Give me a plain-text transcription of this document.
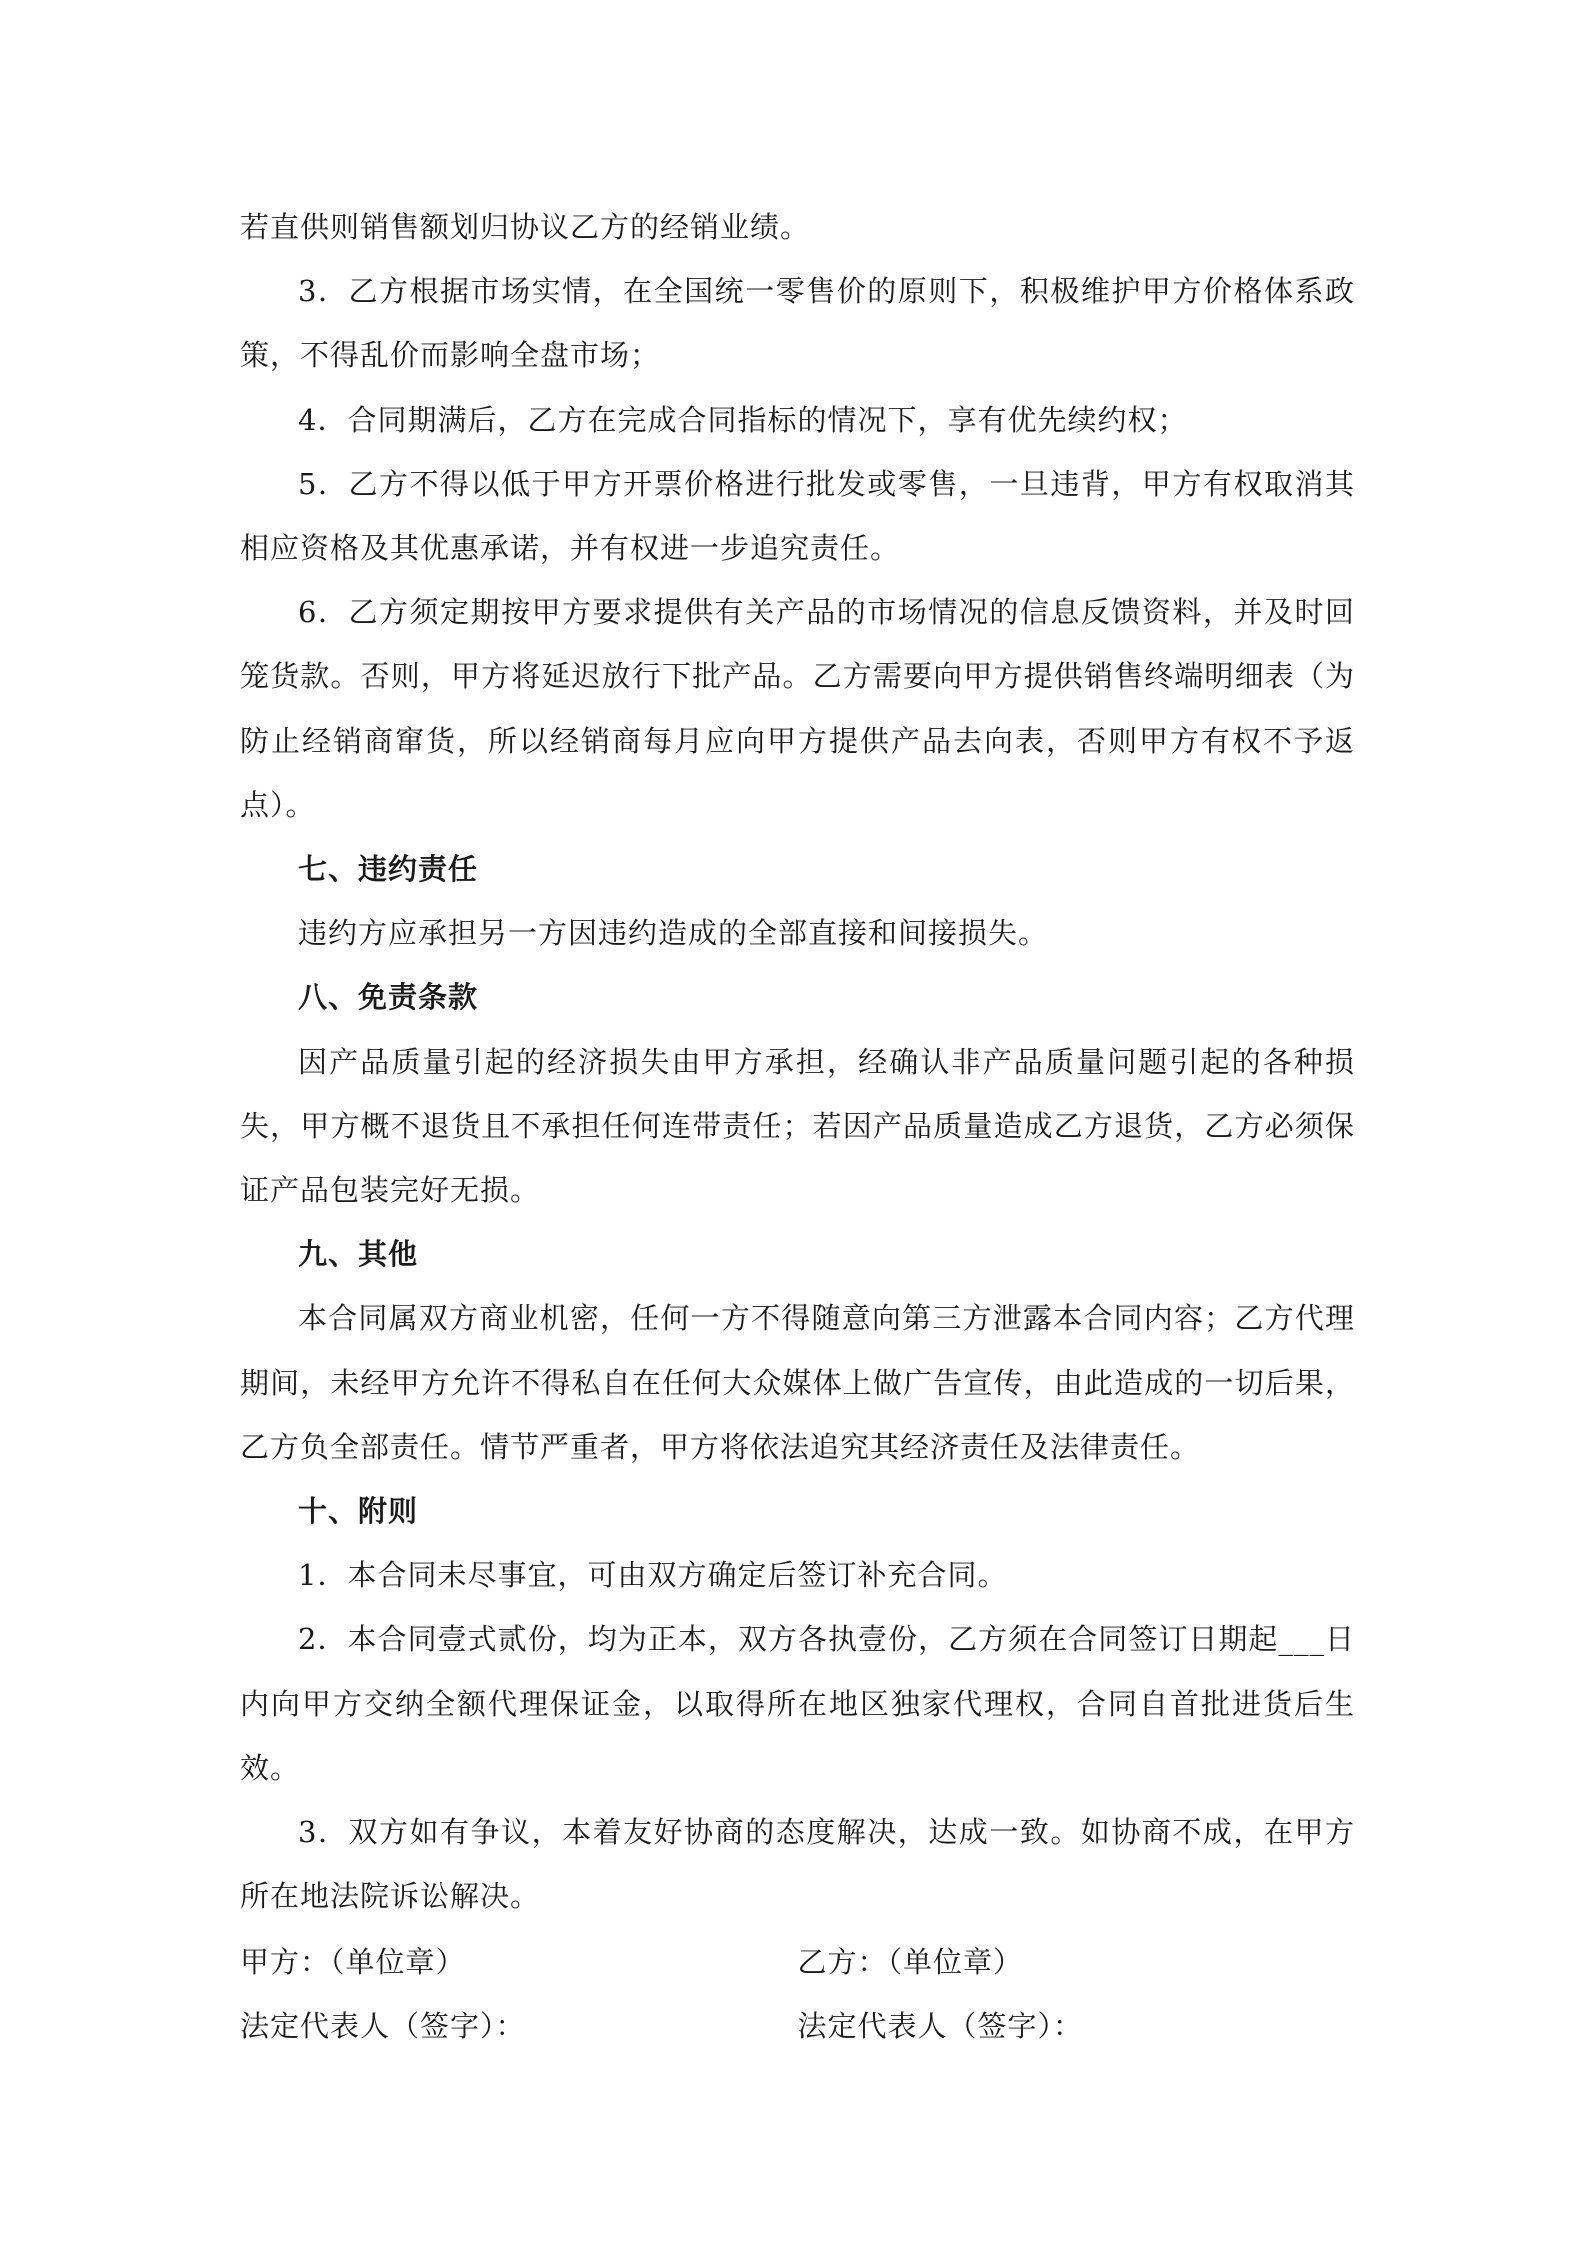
若直供则销售额划归协议乙方的经销业绩。

3．乙方根据市场实情，在全国统一零售价的原则下，积极维护甲方价格体系政策，不得乱价而影响全盘市场；

4．合同期满后，乙方在完成合同指标的情况下，享有优先续约权；

5．乙方不得以低于甲方开票价格进行批发或零售，一旦违背，甲方有权取消其相应资格及其优惠承诺，并有权进一步追究责任。

6．乙方须定期按甲方要求提供有关产品的市场情况的信息反馈资料，并及时回笼货款。否则，甲方将延迟放行下批产品。乙方需要向甲方提供销售终端明细表（为防止经销商窜货，所以经销商每月应向甲方提供产品去向表，否则甲方有权不予返点）。

七、违约责任

违约方应承担另一方因违约造成的全部直接和间接损失。

八、免责条款

因产品质量引起的经济损失由甲方承担，经确认非产品质量问题引起的各种损失，甲方概不退货且不承担任何连带责任；若因产品质量造成乙方退货，乙方必须保证产品包装完好无损。

九、其他

本合同属双方商业机密，任何一方不得随意向第三方泄露本合同内容；乙方代理期间，未经甲方允许不得私自在任何大众媒体上做广告宣传，由此造成的一切后果，乙方负全部责任。情节严重者，甲方将依法追究其经济责任及法律责任。

十、附则

1．本合同未尽事宜，可由双方确定后签订补充合同。

2．本合同壹式贰份，均为正本，双方各执壹份，乙方须在合同签订日期起___日内向甲方交纳全额代理保证金，以取得所在地区独家代理权，合同自首批进货后生效。

3．双方如有争议，本着友好协商的态度解决，达成一致。如协商不成，在甲方所在地法院诉讼解决。

甲方：（单位章）	乙方：（单位章）
法定代表人（签字）：	法定代表人（签字）：
